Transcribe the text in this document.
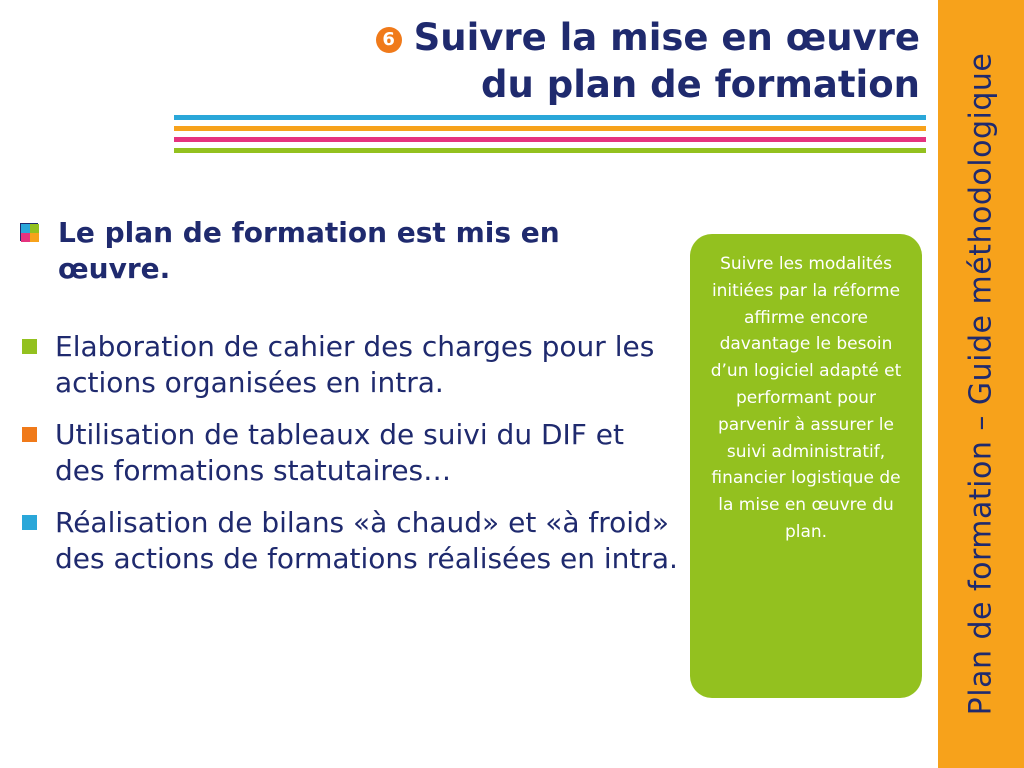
Plan de formation – Guide méthodologique
6 Suivre la mise en œuvre
du plan de formation
Le plan de formation est mis en œuvre.
Elaboration de cahier des charges pour les actions organisées en intra.
Utilisation de tableaux de suivi du DIF et des formations statutaires…
Réalisation de bilans «à chaud» et «à froid» des actions de formations réalisées en intra.
Suivre les modalités initiées par la réforme affirme encore davantage le besoin d’un logiciel adapté et performant pour parvenir à assurer le suivi administratif, financier logistique de la mise en œuvre du plan.
